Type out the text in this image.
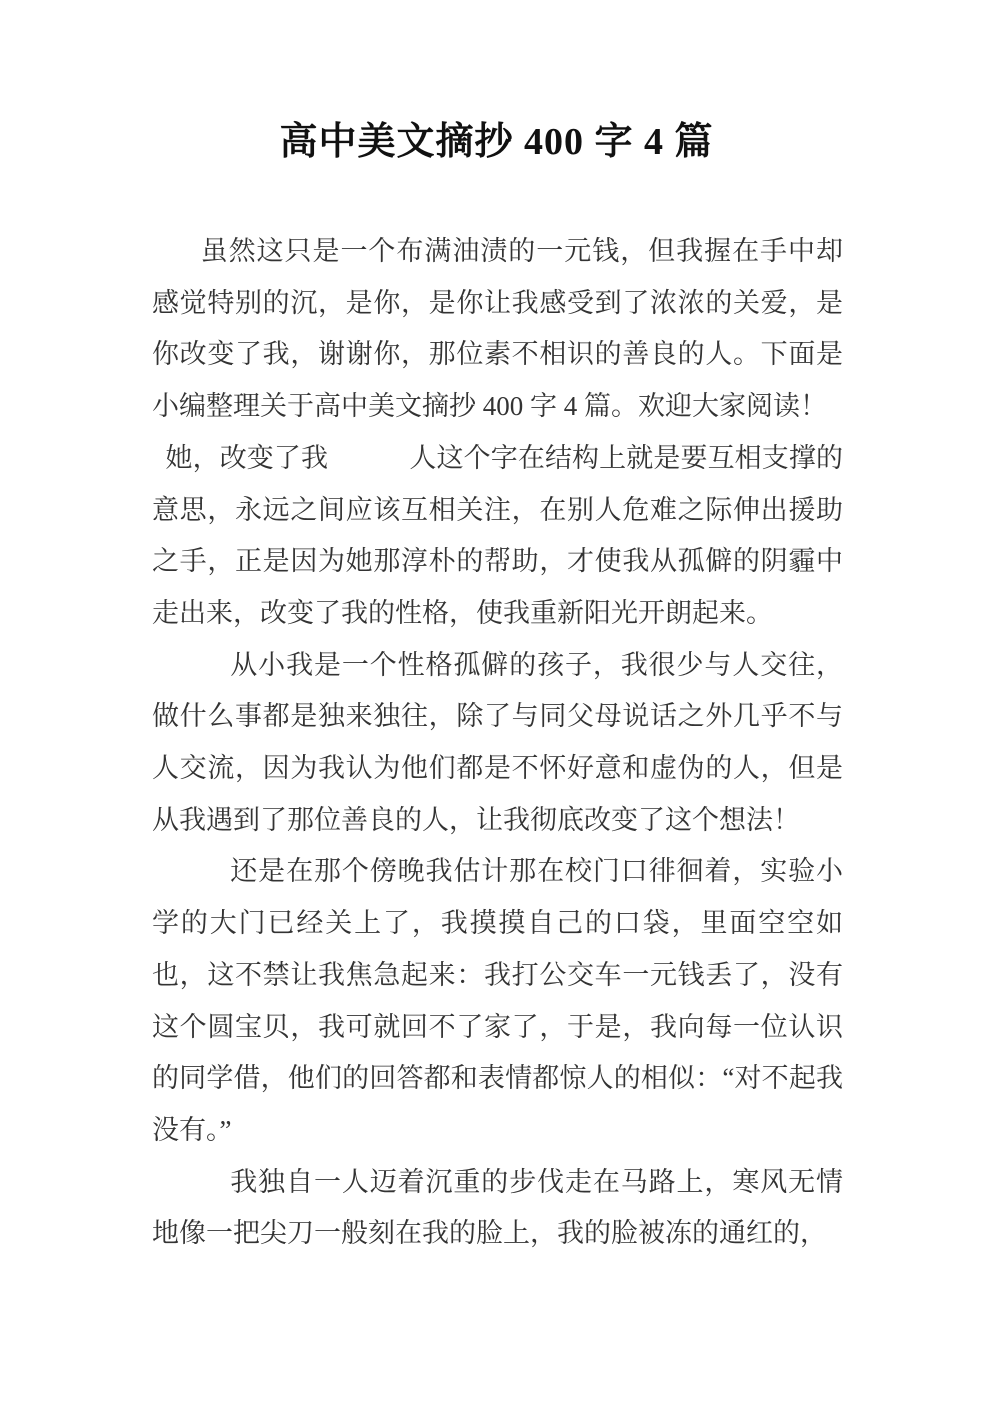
高中美文摘抄 400 字 4 篇

虽然这只是一个布满油渍的一元钱，但我握在手中却感觉特别的沉，是你，是你让我感受到了浓浓的关爱，是你改变了我，谢谢你，那位素不相识的善良的人。下面是小编整理关于高中美文摘抄 400 字 4 篇。欢迎大家阅读！

她，改变了我　　　人这个字在结构上就是要互相支撑的意思，永远之间应该互相关注，在别人危难之际伸出援助之手，正是因为她那淳朴的帮助，才使我从孤僻的阴霾中走出来，改变了我的性格，使我重新阳光开朗起来。

从小我是一个性格孤僻的孩子，我很少与人交往，做什么事都是独来独往，除了与同父母说话之外几乎不与人交流，因为我认为他们都是不怀好意和虚伪的人，但是从我遇到了那位善良的人，让我彻底改变了这个想法！

还是在那个傍晚我估计那在校门口徘徊着，实验小学的大门已经关上了，我摸摸自己的口袋，里面空空如也，这不禁让我焦急起来：我打公交车一元钱丢了，没有这个圆宝贝，我可就回不了家了，于是，我向每一位认识的同学借，他们的回答都和表情都惊人的相似：“对不起我没有。”

我独自一人迈着沉重的步伐走在马路上，寒风无情地像一把尖刀一般刻在我的脸上，我的脸被冻的通红的，
